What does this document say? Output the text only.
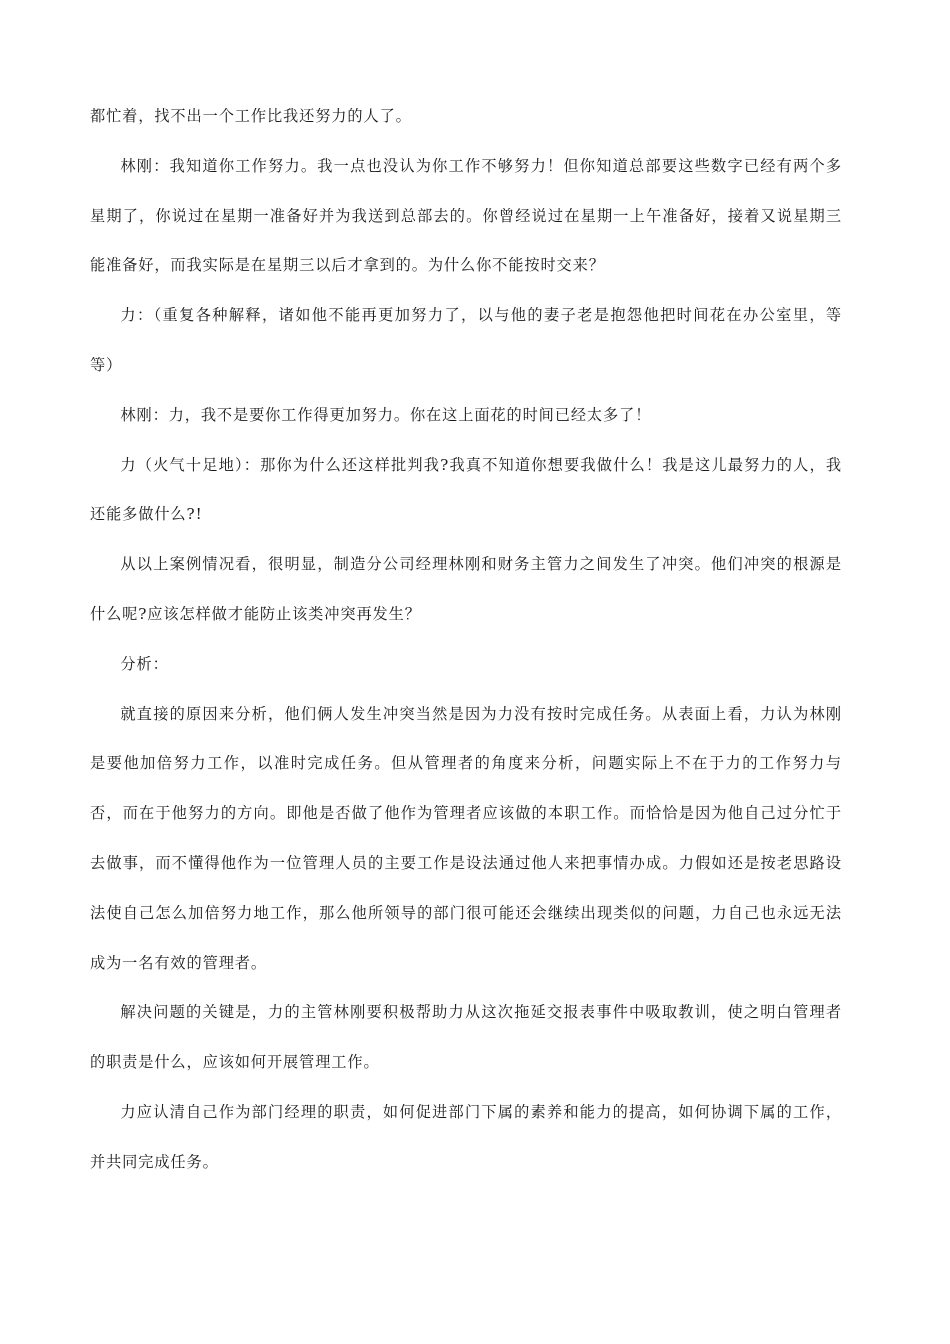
都忙着，找不出一个工作比我还努力的人了。

林刚：我知道你工作努力。我一点也没认为你工作不够努力！但你知道总部要这些数字已经有两个多星期了，你说过在星期一准备好并为我送到总部去的。你曾经说过在星期一上午准备好，接着又说星期三能准备好，而我实际是在星期三以后才拿到的。为什么你不能按时交来？

力：（重复各种解释，诸如他不能再更加努力了，以与他的妻子老是抱怨他把时间花在办公室里，等等）

林刚：力，我不是要你工作得更加努力。你在这上面花的时间已经太多了！

力（火气十足地）：那你为什么还这样批判我?我真不知道你想要我做什么！我是这儿最努力的人，我还能多做什么?!

从以上案例情况看，很明显，制造分公司经理林刚和财务主管力之间发生了冲突。他们冲突的根源是什么呢?应该怎样做才能防止该类冲突再发生？

分析：

就直接的原因来分析，他们俩人发生冲突当然是因为力没有按时完成任务。从表面上看，力认为林刚是要他加倍努力工作，以准时完成任务。但从管理者的角度来分析，问题实际上不在于力的工作努力与否，而在于他努力的方向。即他是否做了他作为管理者应该做的本职工作。而恰恰是因为他自己过分忙于去做事，而不懂得他作为一位管理人员的主要工作是设法通过他人来把事情办成。力假如还是按老思路设法使自己怎么加倍努力地工作，那么他所领导的部门很可能还会继续出现类似的问题，力自己也永远无法成为一名有效的管理者。

解决问题的关键是，力的主管林刚要积极帮助力从这次拖延交报表事件中吸取教训，使之明白管理者的职责是什么，应该如何开展管理工作。

力应认清自己作为部门经理的职责，如何促进部门下属的素养和能力的提高，如何协调下属的工作，并共同完成任务。
